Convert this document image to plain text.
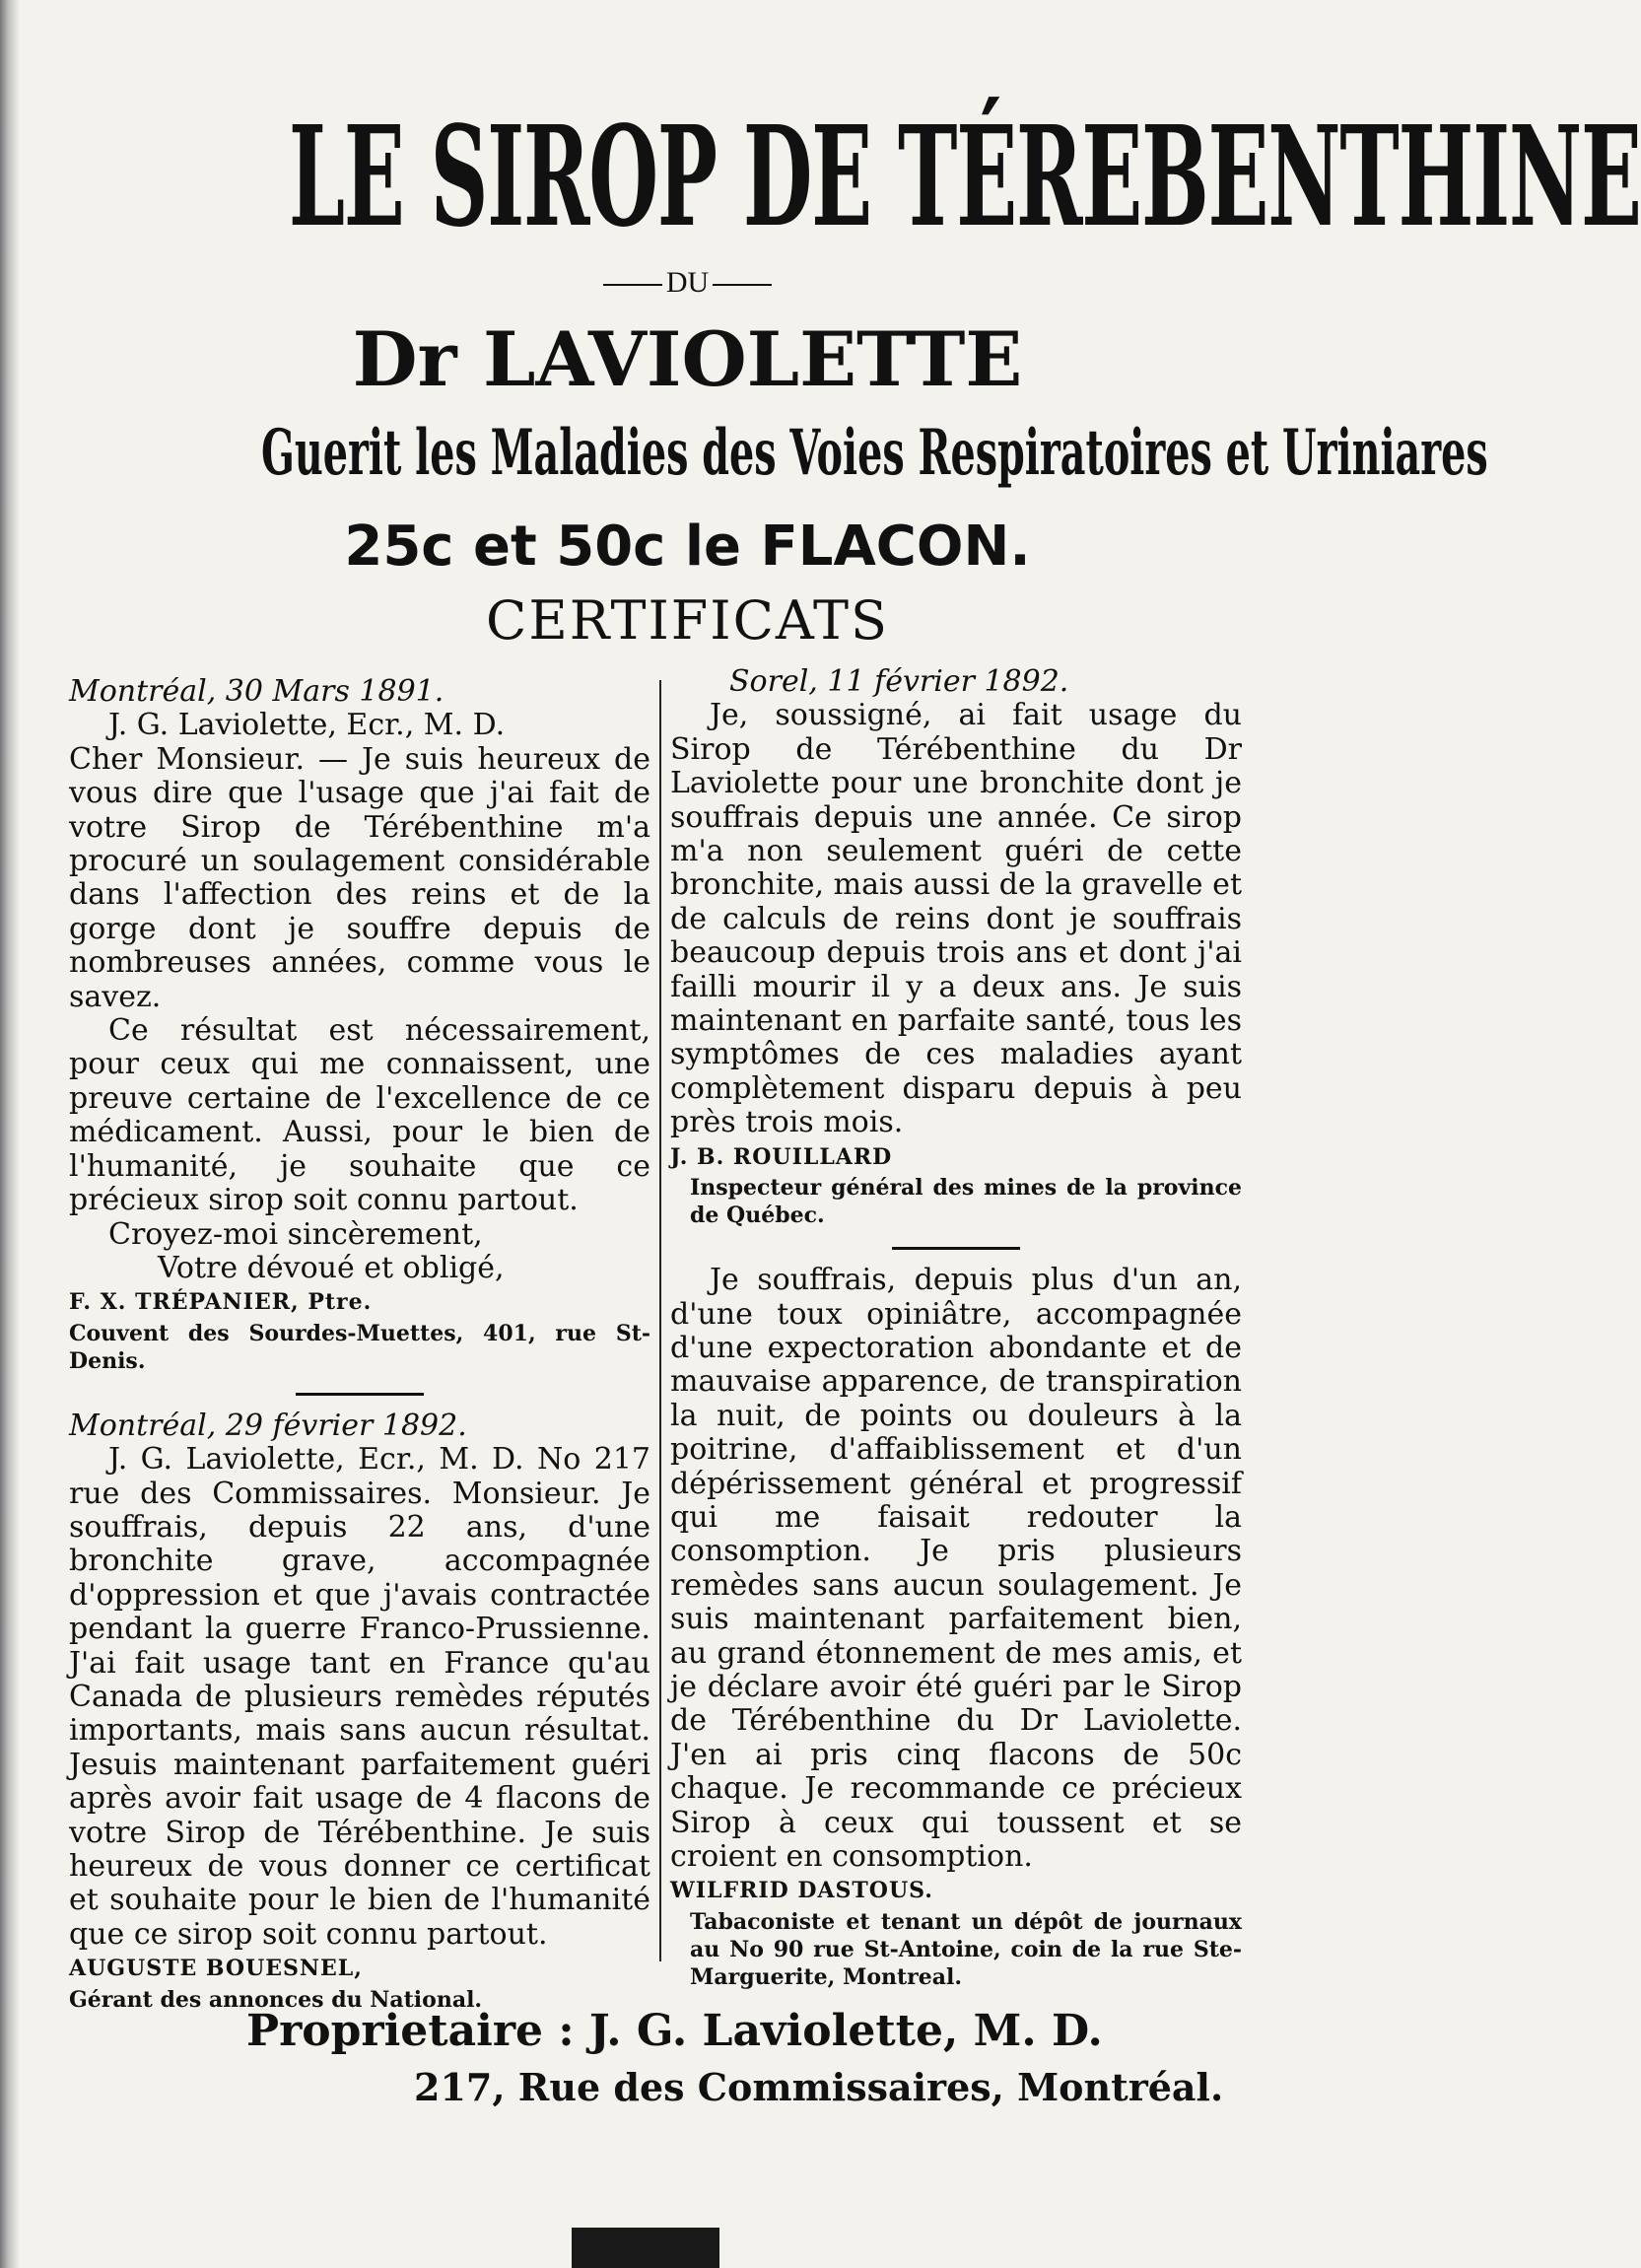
LE SIROP DE TÉREBENTHINE
DU
Dr LAVIOLETTE
Guerit les Maladies des Voies Respiratoires et Uriniares
25c et 50c le FLACON.
CERTIFICATS

Montréal, 30 Mars 1891.

J. G. Laviolette, Ecr., M. D.

Cher Monsieur. — Je suis heureux de vous dire que l'usage que j'ai fait de votre Sirop de Térébenthine m'a procuré un soulagement considérable dans l'affection des reins et de la gorge dont je souffre depuis de nombreuses années, comme vous le savez.

Ce résultat est nécessairement, pour ceux qui me connaissent, une preuve certaine de l'excellence de ce médicament. Aussi, pour le bien de l'humanité, je souhaite que ce précieux sirop soit connu partout.

Croyez-moi sincèrement,

Votre dévoué et obligé,

F. X. TRÉPANIER, Ptre.

Couvent des Sourdes-Muettes, 401, rue St-Denis.

Montréal, 29 février 1892.

J. G. Laviolette, Ecr., M. D. No 217 rue des Commissaires. Monsieur. Je souffrais, depuis 22 ans, d'une bronchite grave, accompagnée d'oppression et que j'avais contractée pendant la guerre Franco-Prussienne. J'ai fait usage tant en France qu'au Canada de plusieurs remèdes réputés importants, mais sans aucun résultat. Jesuis maintenant parfaitement guéri après avoir fait usage de 4 flacons de votre Sirop de Térébenthine. Je suis heureux de vous donner ce certificat et souhaite pour le bien de l'humanité que ce sirop soit connu partout.

AUGUSTE BOUESNEL,

Gérant des annonces du National.

Sorel, 11 février 1892.

Je, soussigné, ai fait usage du Sirop de Térébenthine du Dr Laviolette pour une bronchite dont je souffrais depuis une année. Ce sirop m'a non seulement guéri de cette bronchite, mais aussi de la gravelle et de calculs de reins dont je souffrais beaucoup depuis trois ans et dont j'ai failli mourir il y a deux ans. Je suis maintenant en parfaite santé, tous les symptômes de ces maladies ayant complètement disparu depuis à peu près trois mois.

J. B. ROUILLARD

Inspecteur général des mines de la province de Québec.

Je souffrais, depuis plus d'un an, d'une toux opiniâtre, accompagnée d'une expectoration abondante et de mauvaise apparence, de transpiration la nuit, de points ou douleurs à la poitrine, d'affaiblissement et d'un dépérissement général et progressif qui me faisait redouter la consomption. Je pris plusieurs remèdes sans aucun soulagement. Je suis maintenant parfaitement bien, au grand étonnement de mes amis, et je déclare avoir été guéri par le Sirop de Térébenthine du Dr Laviolette. J'en ai pris cinq flacons de 50c chaque. Je recommande ce précieux Sirop à ceux qui toussent et se croient en consomption.

WILFRID DASTOUS.

Tabaconiste et tenant un dépôt de journaux au No 90 rue St-Antoine, coin de la rue Ste-Marguerite, Montreal.

Proprietaire : J. G. Laviolette, M. D.
217, Rue des Commissaires, Montréal.
